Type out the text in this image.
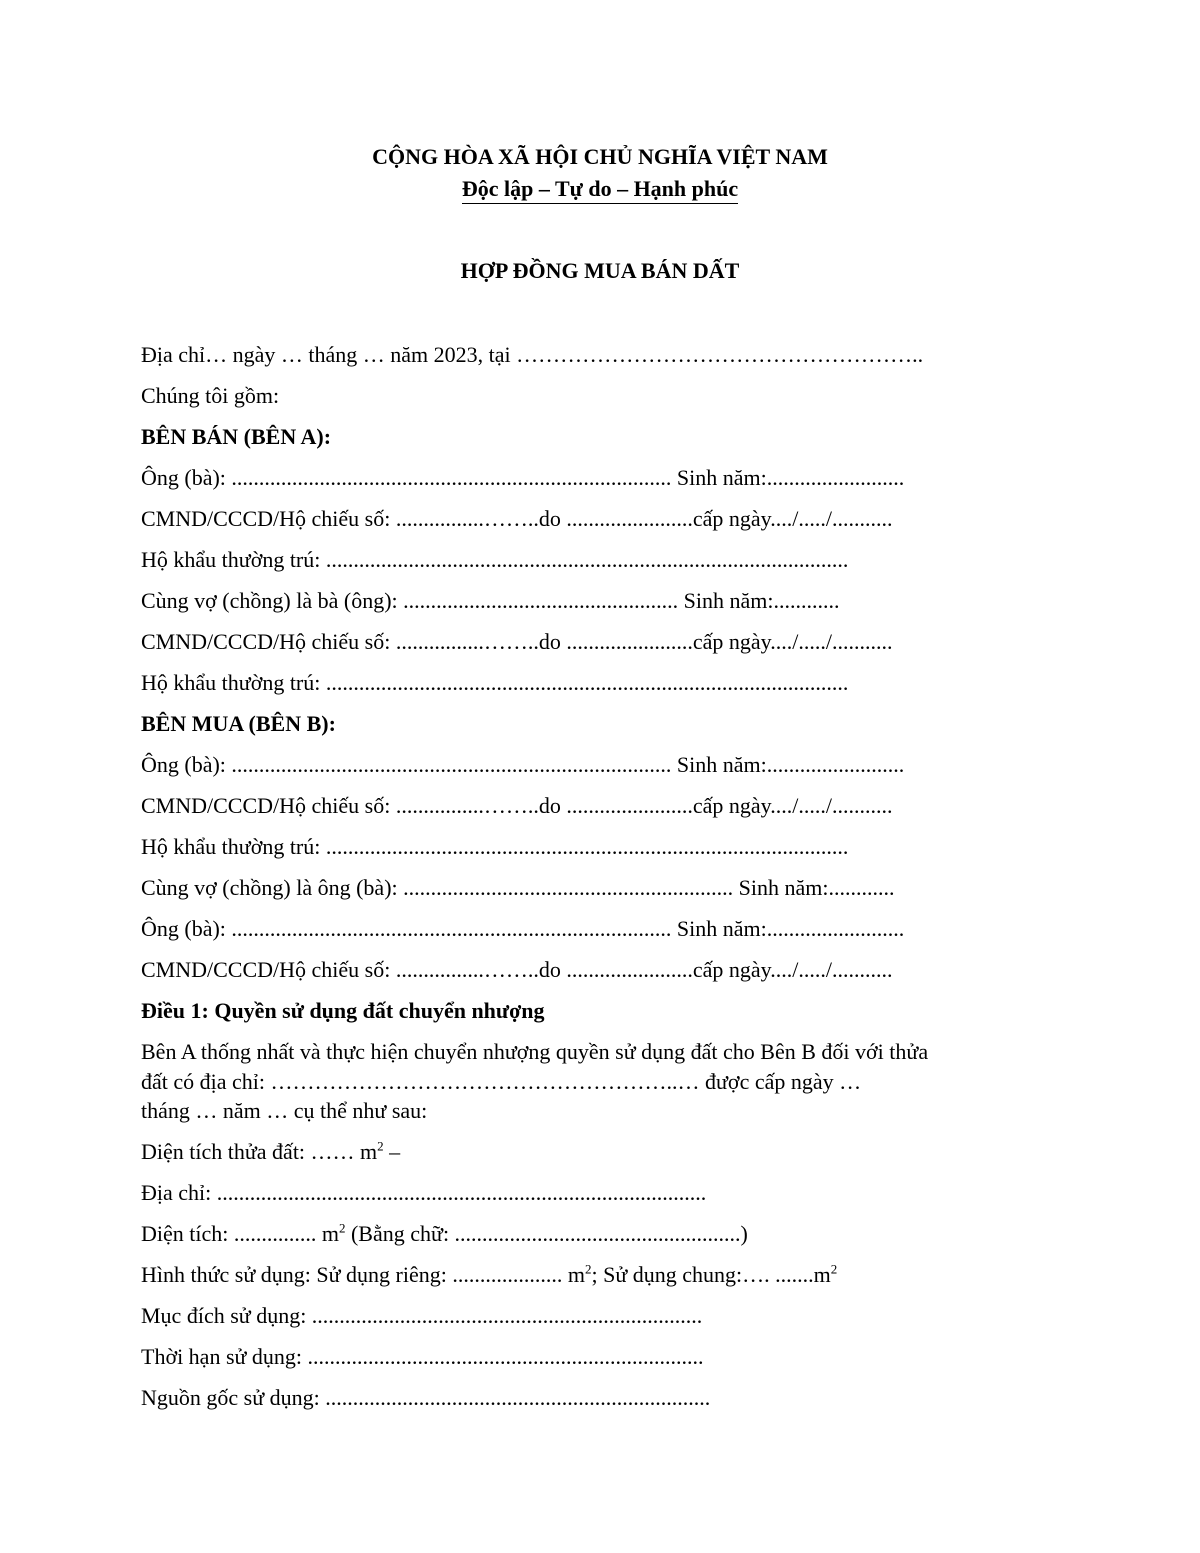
CỘNG HÒA XÃ HỘI CHỦ NGHĨA VIỆT NAM
Độc lập – Tự do – Hạnh phúc
HỢP ĐỒNG MUA BÁN DẤT
Địa chỉ… ngày … tháng … năm 2023, tại ………………………………………………..
Chúng tôi gồm:
BÊN BÁN (BÊN A):
Ông (bà): ................................................................................ Sinh năm:.........................
CMND/CCCD/Hộ chiếu số: ................……..do .......................cấp ngày..../...../...........
Hộ khẩu thường trú: ...............................................................................................
Cùng vợ (chồng) là bà (ông): .................................................. Sinh năm:............
CMND/CCCD/Hộ chiếu số: ................……..do .......................cấp ngày..../...../...........
Hộ khẩu thường trú: ...............................................................................................
BÊN MUA (BÊN B):
Ông (bà): ................................................................................ Sinh năm:.........................
CMND/CCCD/Hộ chiếu số: ................……..do .......................cấp ngày..../...../...........
Hộ khẩu thường trú: ...............................................................................................
Cùng vợ (chồng) là ông (bà): ............................................................ Sinh năm:............
Ông (bà): ................................................................................ Sinh năm:.........................
CMND/CCCD/Hộ chiếu số: ................……..do .......................cấp ngày..../...../...........
Điều 1: Quyền sử dụng đất chuyển nhượng
Bên A thống nhất và thực hiện chuyển nhượng quyền sử dụng đất cho Bên B đối với thửa
đất có địa chỉ: ………………………………………………..… được cấp ngày …
tháng … năm … cụ thể như sau:
Diện tích thửa đất: …… $m^2$ –
Địa chỉ: .........................................................................................
Diện tích: ............... $m^2$ (Bằng chữ: ....................................................)
Hình thức sử dụng: Sử dụng riêng: .................... $m^2$; Sử dụng chung:…. $.......m^2$
Mục đích sử dụng: .......................................................................
Thời hạn sử dụng: ........................................................................
Nguồn gốc sử dụng: ......................................................................
